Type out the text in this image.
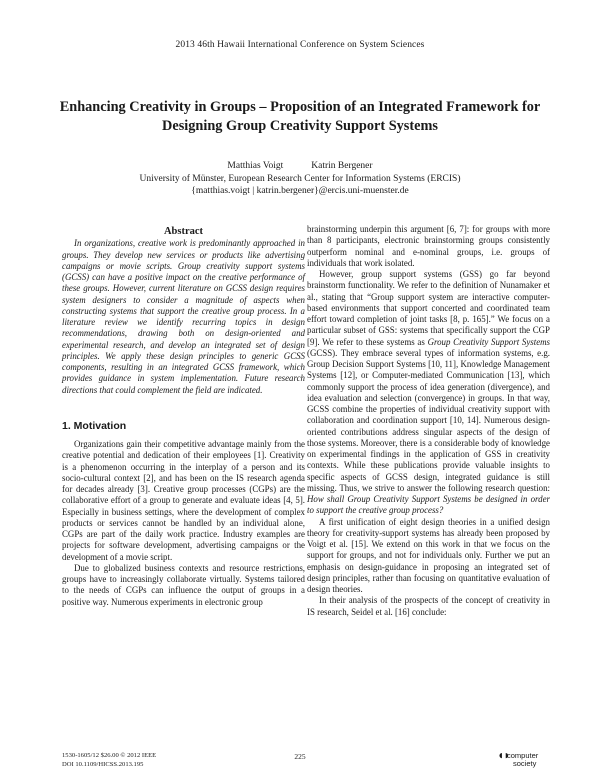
2013 46th Hawaii International Conference on System Sciences
Enhancing Creativity in Groups – Proposition of an Integrated Framework for Designing Group Creativity Support Systems
Matthias Voigt	Katrin Bergener
University of Münster, European Research Center for Information Systems (ERCIS)
{matthias.voigt | katrin.bergener}@ercis.uni-muenster.de
Abstract

In organizations, creative work is predominantly approached in groups. They develop new services or products like advertising campaigns or movie scripts. Group creativity support systems (GCSS) can have a positive impact on the creative performance of these groups. However, current literature on GCSS design requires system designers to consider a magnitude of aspects when constructing systems that support the creative group process. In a literature review we identify recurring topics in design recommendations, drawing both on design-oriented and experimental research, and develop an integrated set of design principles. We apply these design principles to generic GCSS components, resulting in an integrated GCSS framework, which provides guidance in system implementation. Future research directions that could complement the field are indicated.

1. Motivation

Organizations gain their competitive advantage mainly from the creative potential and dedication of their employees [1]. Creativity is a phenomenon occurring in the interplay of a person and its socio-cultural context [2], and has been on the IS research agenda for decades already [3]. Creative group processes (CGPs) are the collaborative effort of a group to generate and evaluate ideas [4, 5]. Especially in business settings, where the development of complex products or services cannot be handled by an individual alone, CGPs are part of the daily work practice. Industry examples are projects for software development, advertising campaigns or the development of a movie script.

Due to globalized business contexts and resource restrictions, groups have to increasingly collaborate virtually. Systems tailored to the needs of CGPs can influence the output of groups in a positive way. Numerous experiments in electronic group

brainstorming underpin this argument [6, 7]: for groups with more than 8 participants, electronic brainstorming groups consistently outperform nominal and e-nominal groups, i.e. groups of individuals that work isolated.

However, group support systems (GSS) go far beyond brainstorm functionality. We refer to the definition of Nunamaker et al., stating that “Group support system are interactive computer-based environments that support concerted and coordinated team effort toward completion of joint tasks [8, p. 165].” We focus on a particular subset of GSS: systems that specifically support the CGP [9]. We refer to these systems as Group Creativity Support Systems (GCSS). They embrace several types of information systems, e.g. Group Decision Support Systems [10, 11], Knowledge Management Systems [12], or Computer-mediated Communication [13], which commonly support the process of idea generation (divergence), and idea evaluation and selection (convergence) in groups. In that way, GCSS combine the properties of individual creativity support with collaboration and coordination support [10, 14]. Numerous design-oriented contributions address singular aspects of the design of those systems. Moreover, there is a considerable body of knowledge on experimental findings in the application of GSS in creativity contexts. While these publications provide valuable insights to specific aspects of GCSS design, integrated guidance is still missing. Thus, we strive to answer the following research question: How shall Group Creativity Support Systems be designed in order to support the creative group process?

A first unification of eight design theories in a unified design theory for creativity-support systems has already been proposed by Voigt et al. [15]. We extend on this work in that we focus on the support for groups, and not for individuals only. Further we put an emphasis on design-guidance in proposing an integrated set of design principles, rather than focusing on quantitative evaluation of design theories.

In their analysis of the prospects of the concept of creativity in IS research, Seidel et al. [16] conclude:

1530-1605/12 $26.00 © 2012 IEEE
DOI 10.1109/HICSS.2013.195
225	◖◗
computer
society
